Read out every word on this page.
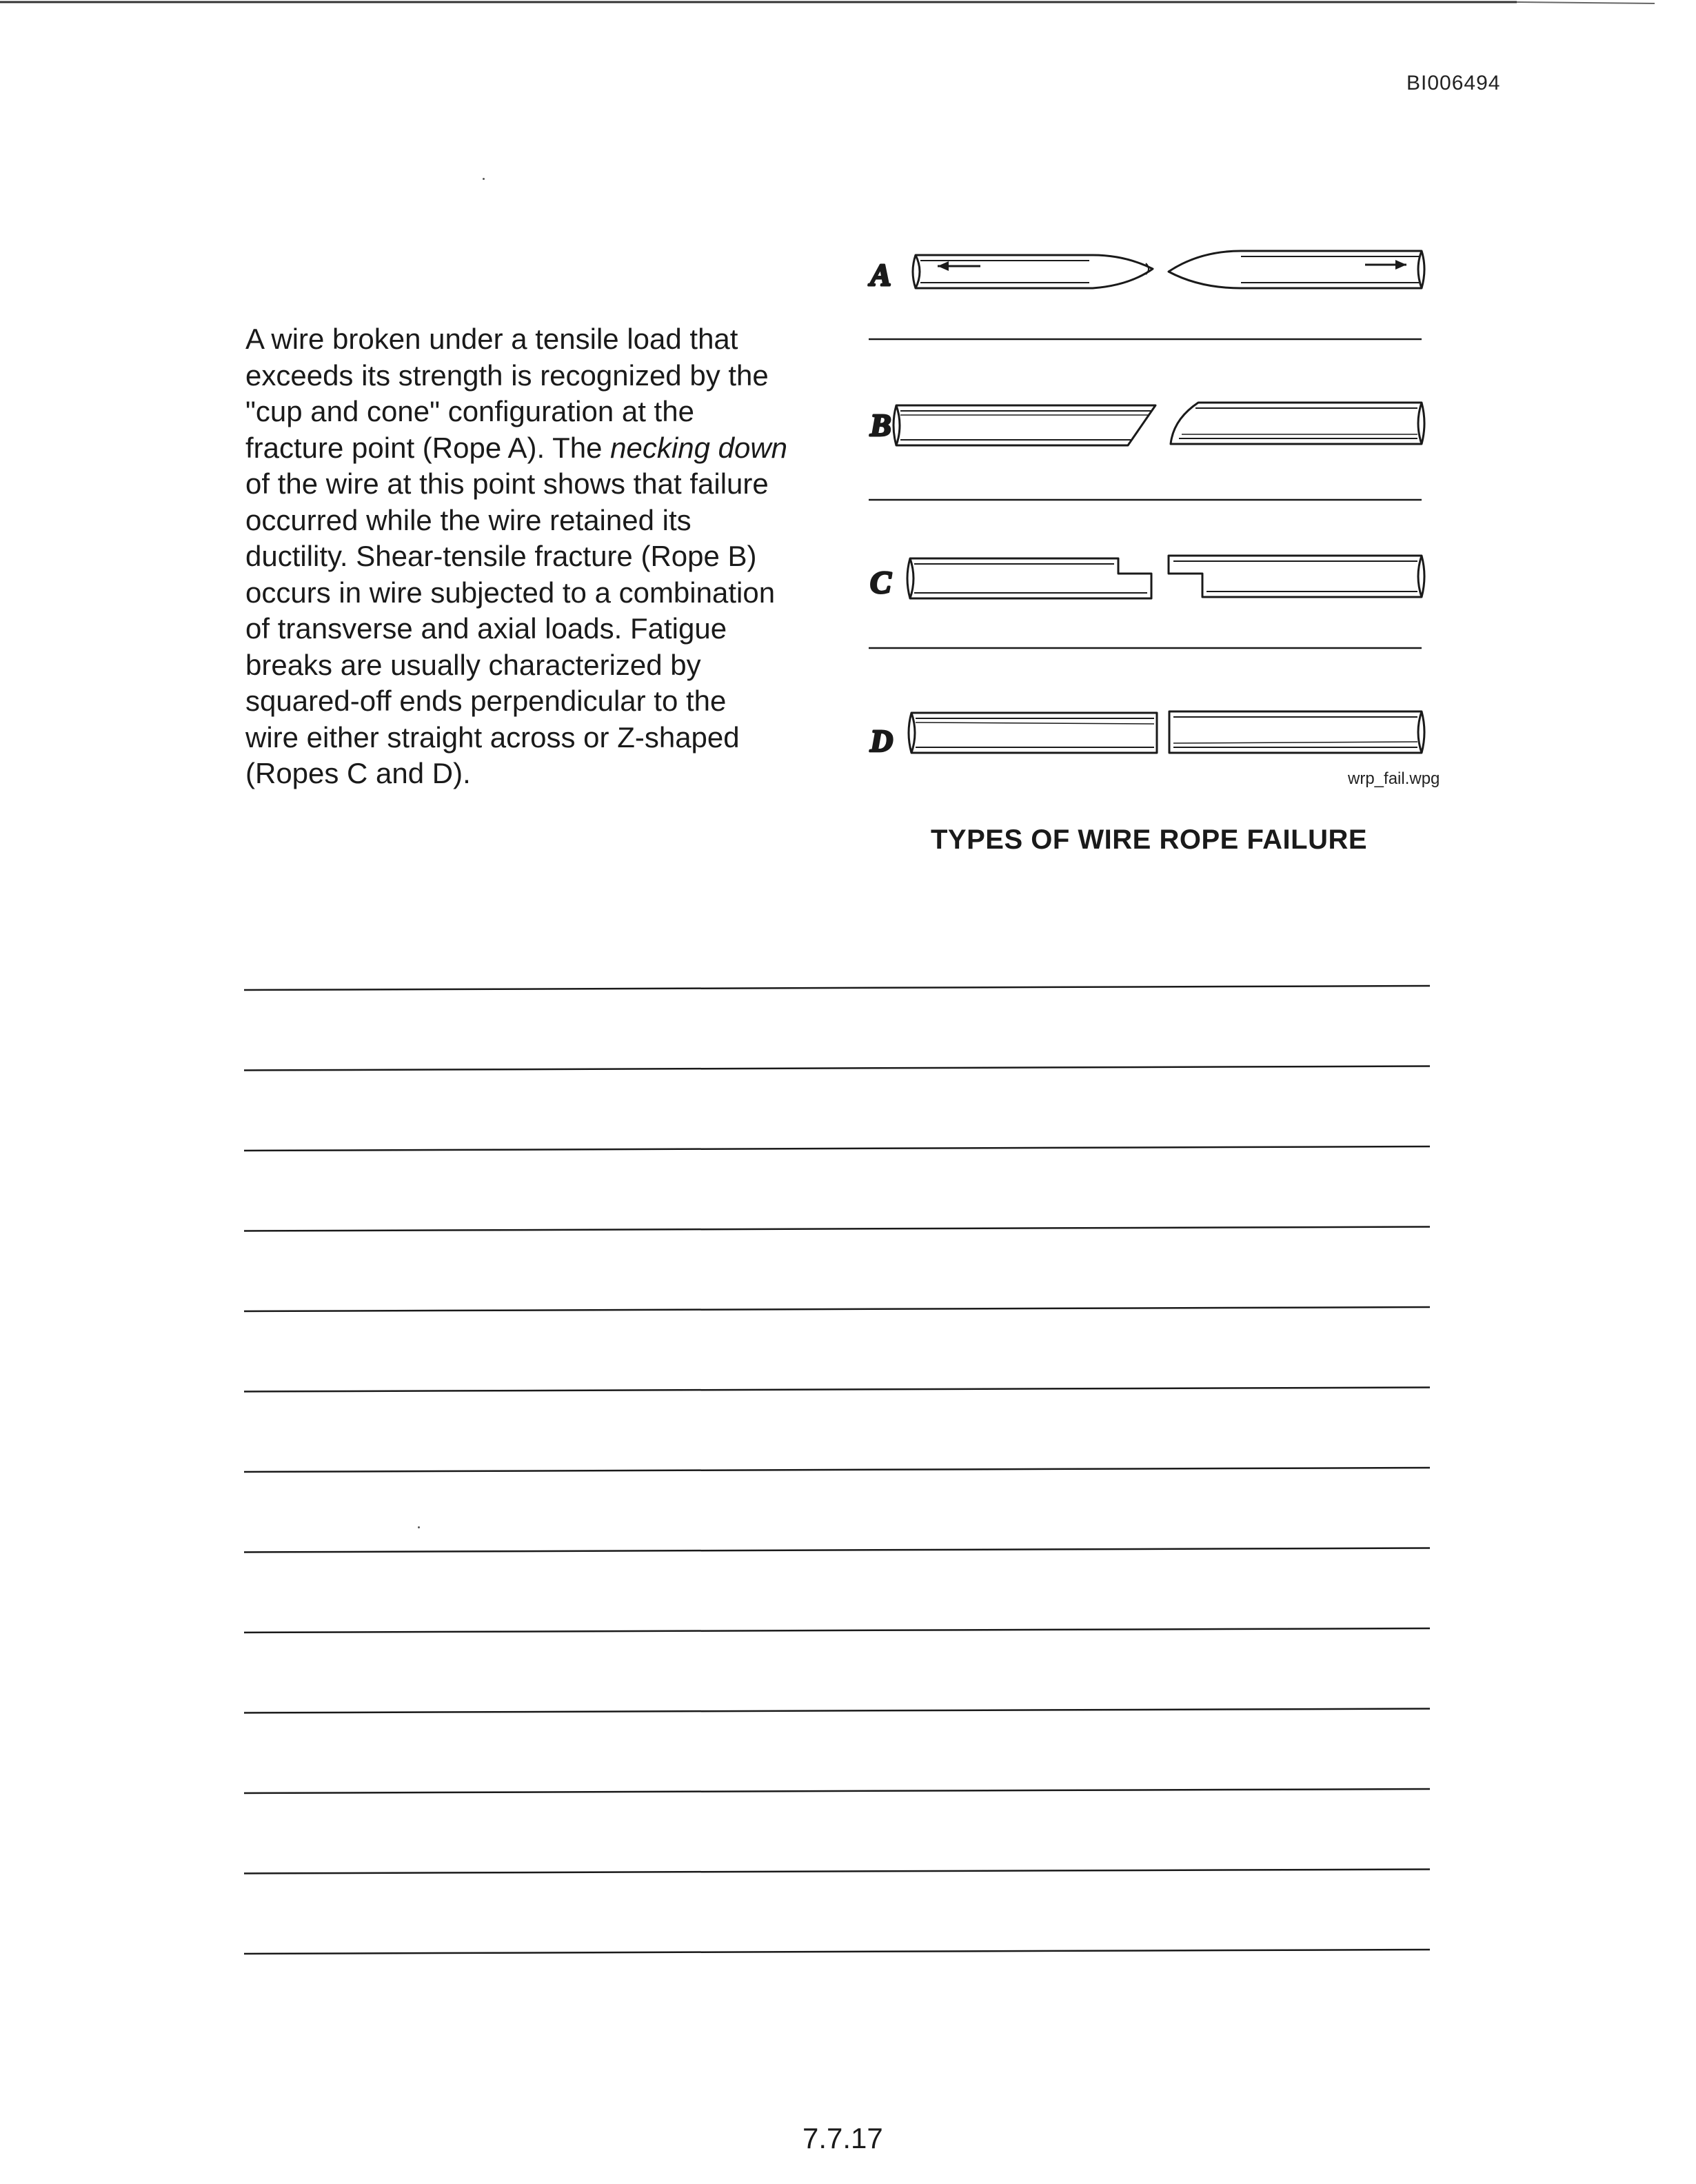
BI006494

A wire broken under a tensile load that

exceeds its strength is recognized by the

"cup and cone" configuration at the

fracture point (Rope A). The necking down

of the wire at this point shows that failure

occurred while the wire retained its

ductility. Shear-tensile fracture (Rope B)

occurs in wire subjected to a combination

of transverse and axial loads. Fatigue

breaks are usually characterized by

squared-off ends perpendicular to the

wire either straight across or Z-shaped

(Ropes C and D).

A
B
C
D
wrp_fail.wpg
TYPES OF WIRE ROPE FAILURE
7.7.17
